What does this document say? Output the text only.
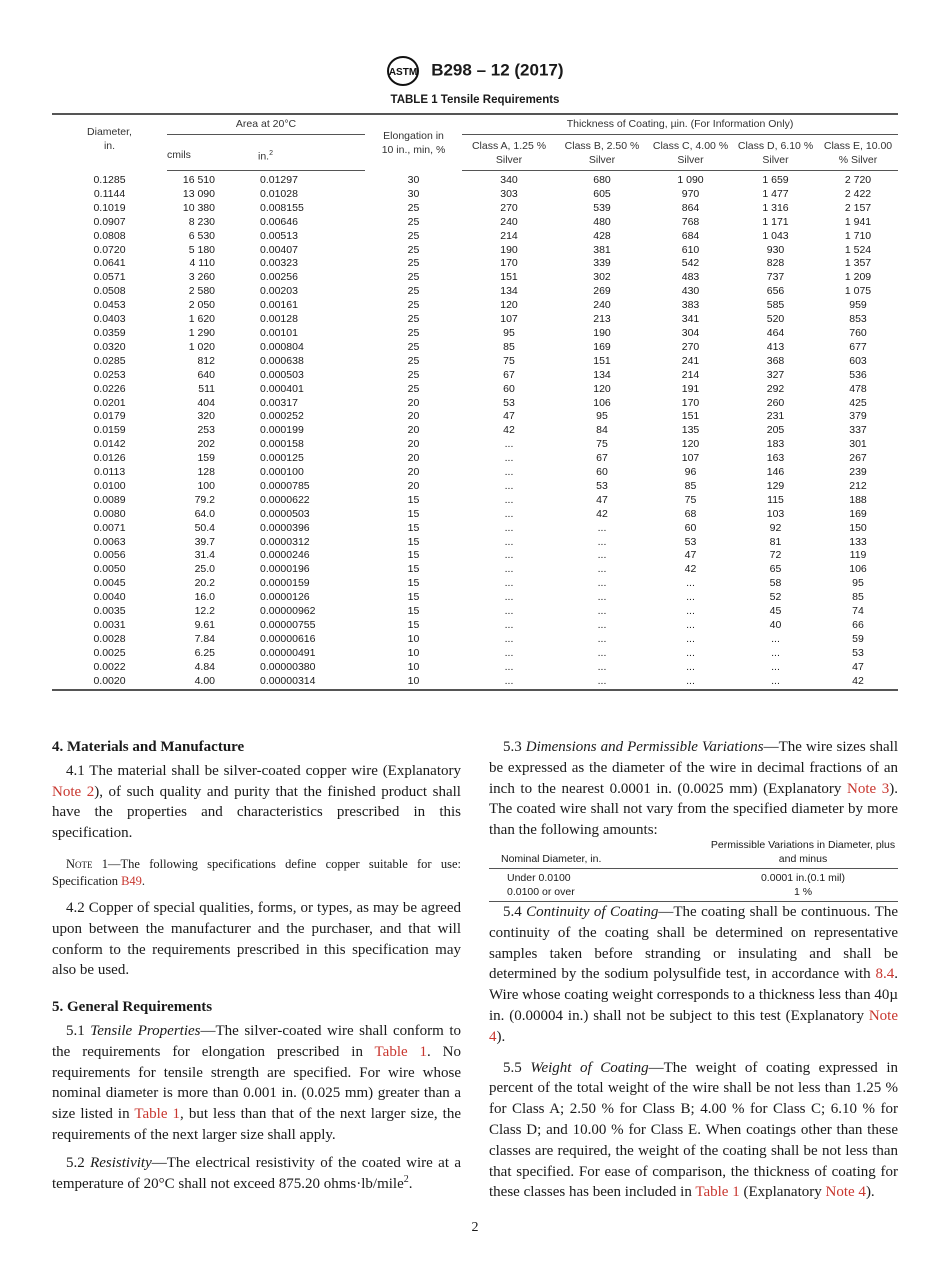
ASTM B298 – 12 (2017)
TABLE 1 Tensile Requirements
Diameter, in.	Area at 20°C		Elongation in 10 in., min, %	Thickness of Coating, µin. (For Information Only)				
	cmils	in.$^2$		Class A, 1.25 % Silver	Class B, 2.50 % Silver	Class C, 4.00 % Silver	Class D, 6.10 % Silver	Class E, 10.00 % Silver
0.1285	16 510	0.01297	30	340	680	1 090	1 659	2 720
0.1144	13 090	0.01028	30	303	605	970	1 477	2 422
0.1019	10 380	0.008155	25	270	539	864	1 316	2 157
0.0907	8 230	0.00646	25	240	480	768	1 171	1 941
0.0808	6 530	0.00513	25	214	428	684	1 043	1 710
0.0720	5 180	0.00407	25	190	381	610	930	1 524
0.0641	4 110	0.00323	25	170	339	542	828	1 357
0.0571	3 260	0.00256	25	151	302	483	737	1 209
0.0508	2 580	0.00203	25	134	269	430	656	1 075
0.0453	2 050	0.00161	25	120	240	383	585	959
0.0403	1 620	0.00128	25	107	213	341	520	853
0.0359	1 290	0.00101	25	95	190	304	464	760
0.0320	1 020	0.000804	25	85	169	270	413	677
0.0285	812	0.000638	25	75	151	241	368	603
0.0253	640	0.000503	25	67	134	214	327	536
0.0226	511	0.000401	25	60	120	191	292	478
0.0201	404	0.00317	20	53	106	170	260	425
0.0179	320	0.000252	20	47	95	151	231	379
0.0159	253	0.000199	20	42	84	135	205	337
0.0142	202	0.000158	20	...	75	120	183	301
0.0126	159	0.000125	20	...	67	107	163	267
0.0113	128	0.000100	20	...	60	96	146	239
0.0100	100	0.0000785	20	...	53	85	129	212
0.0089	79.2	0.0000622	15	...	47	75	115	188
0.0080	64.0	0.0000503	15	...	42	68	103	169
0.0071	50.4	0.0000396	15	...	...	60	92	150
0.0063	39.7	0.0000312	15	...	...	53	81	133
0.0056	31.4	0.0000246	15	...	...	47	72	119
0.0050	25.0	0.0000196	15	...	...	42	65	106
0.0045	20.2	0.0000159	15	...	...	...	58	95
0.0040	16.0	0.0000126	15	...	...	...	52	85
0.0035	12.2	0.00000962	15	...	...	...	45	74
0.0031	9.61	0.00000755	15	...	...	...	40	66
0.0028	7.84	0.00000616	10	...	...	...	...	59
0.0025	6.25	0.00000491	10	...	...	...	...	53
0.0022	4.84	0.00000380	10	...	...	...	...	47
0.0020	4.00	0.00000314	10	...	...	...	...	42
4. Materials and Manufacture

4.1 The material shall be silver-coated copper wire (Explanatory Note 2), of such quality and purity that the finished product shall have the properties and characteristics prescribed in this specification.

Note 1—The following specifications define copper suitable for use: Specification B49.

4.2 Copper of special qualities, forms, or types, as may be agreed upon between the manufacturer and the purchaser, and that will conform to the requirements prescribed in this specification may also be used.

5. General Requirements

5.1 Tensile Properties—The silver-coated wire shall conform to the requirements for elongation prescribed in Table 1. No requirements for tensile strength are specified. For wire whose nominal diameter is more than 0.001 in. (0.025 mm) greater than a size listed in Table 1, but less than that of the next larger size, the requirements of the next larger size shall apply.

5.2 Resistivity—The electrical resistivity of the coated wire at a temperature of 20°C shall not exceed 875.20 ohms·lb/mile$^2$.

5.3 Dimensions and Permissible Variations—The wire sizes shall be expressed as the diameter of the wire in decimal fractions of an inch to the nearest 0.0001 in. (0.0025 mm) (Explanatory Note 3). The coated wire shall not vary from the specified diameter by more than the following amounts:

Nominal Diameter, in.	Permissible Variations in Diameter, plus and minus
Under 0.0100	0.0001 in.(0.1 mil)
0.0100 or over	1 %

5.4 Continuity of Coating—The coating shall be continuous. The continuity of the coating shall be determined on representative samples taken before stranding or insulating and shall be determined by the sodium polysulfide test, in accordance with 8.4. Wire whose coating weight corresponds to a thickness less than 40µ in. (0.00004 in.) shall not be subject to this test (Explanatory Note 4).

5.5 Weight of Coating—The weight of coating expressed in percent of the total weight of the wire shall be not less than 1.25 % for Class A; 2.50 % for Class B; 4.00 % for Class C; 6.10 % for Class D; and 10.00 % for Class E. When coatings other than these classes are required, the weight of the coating shall be not less than that specified. For ease of comparison, the thickness of coating for these classes has been included in Table 1 (Explanatory Note 4).

2
